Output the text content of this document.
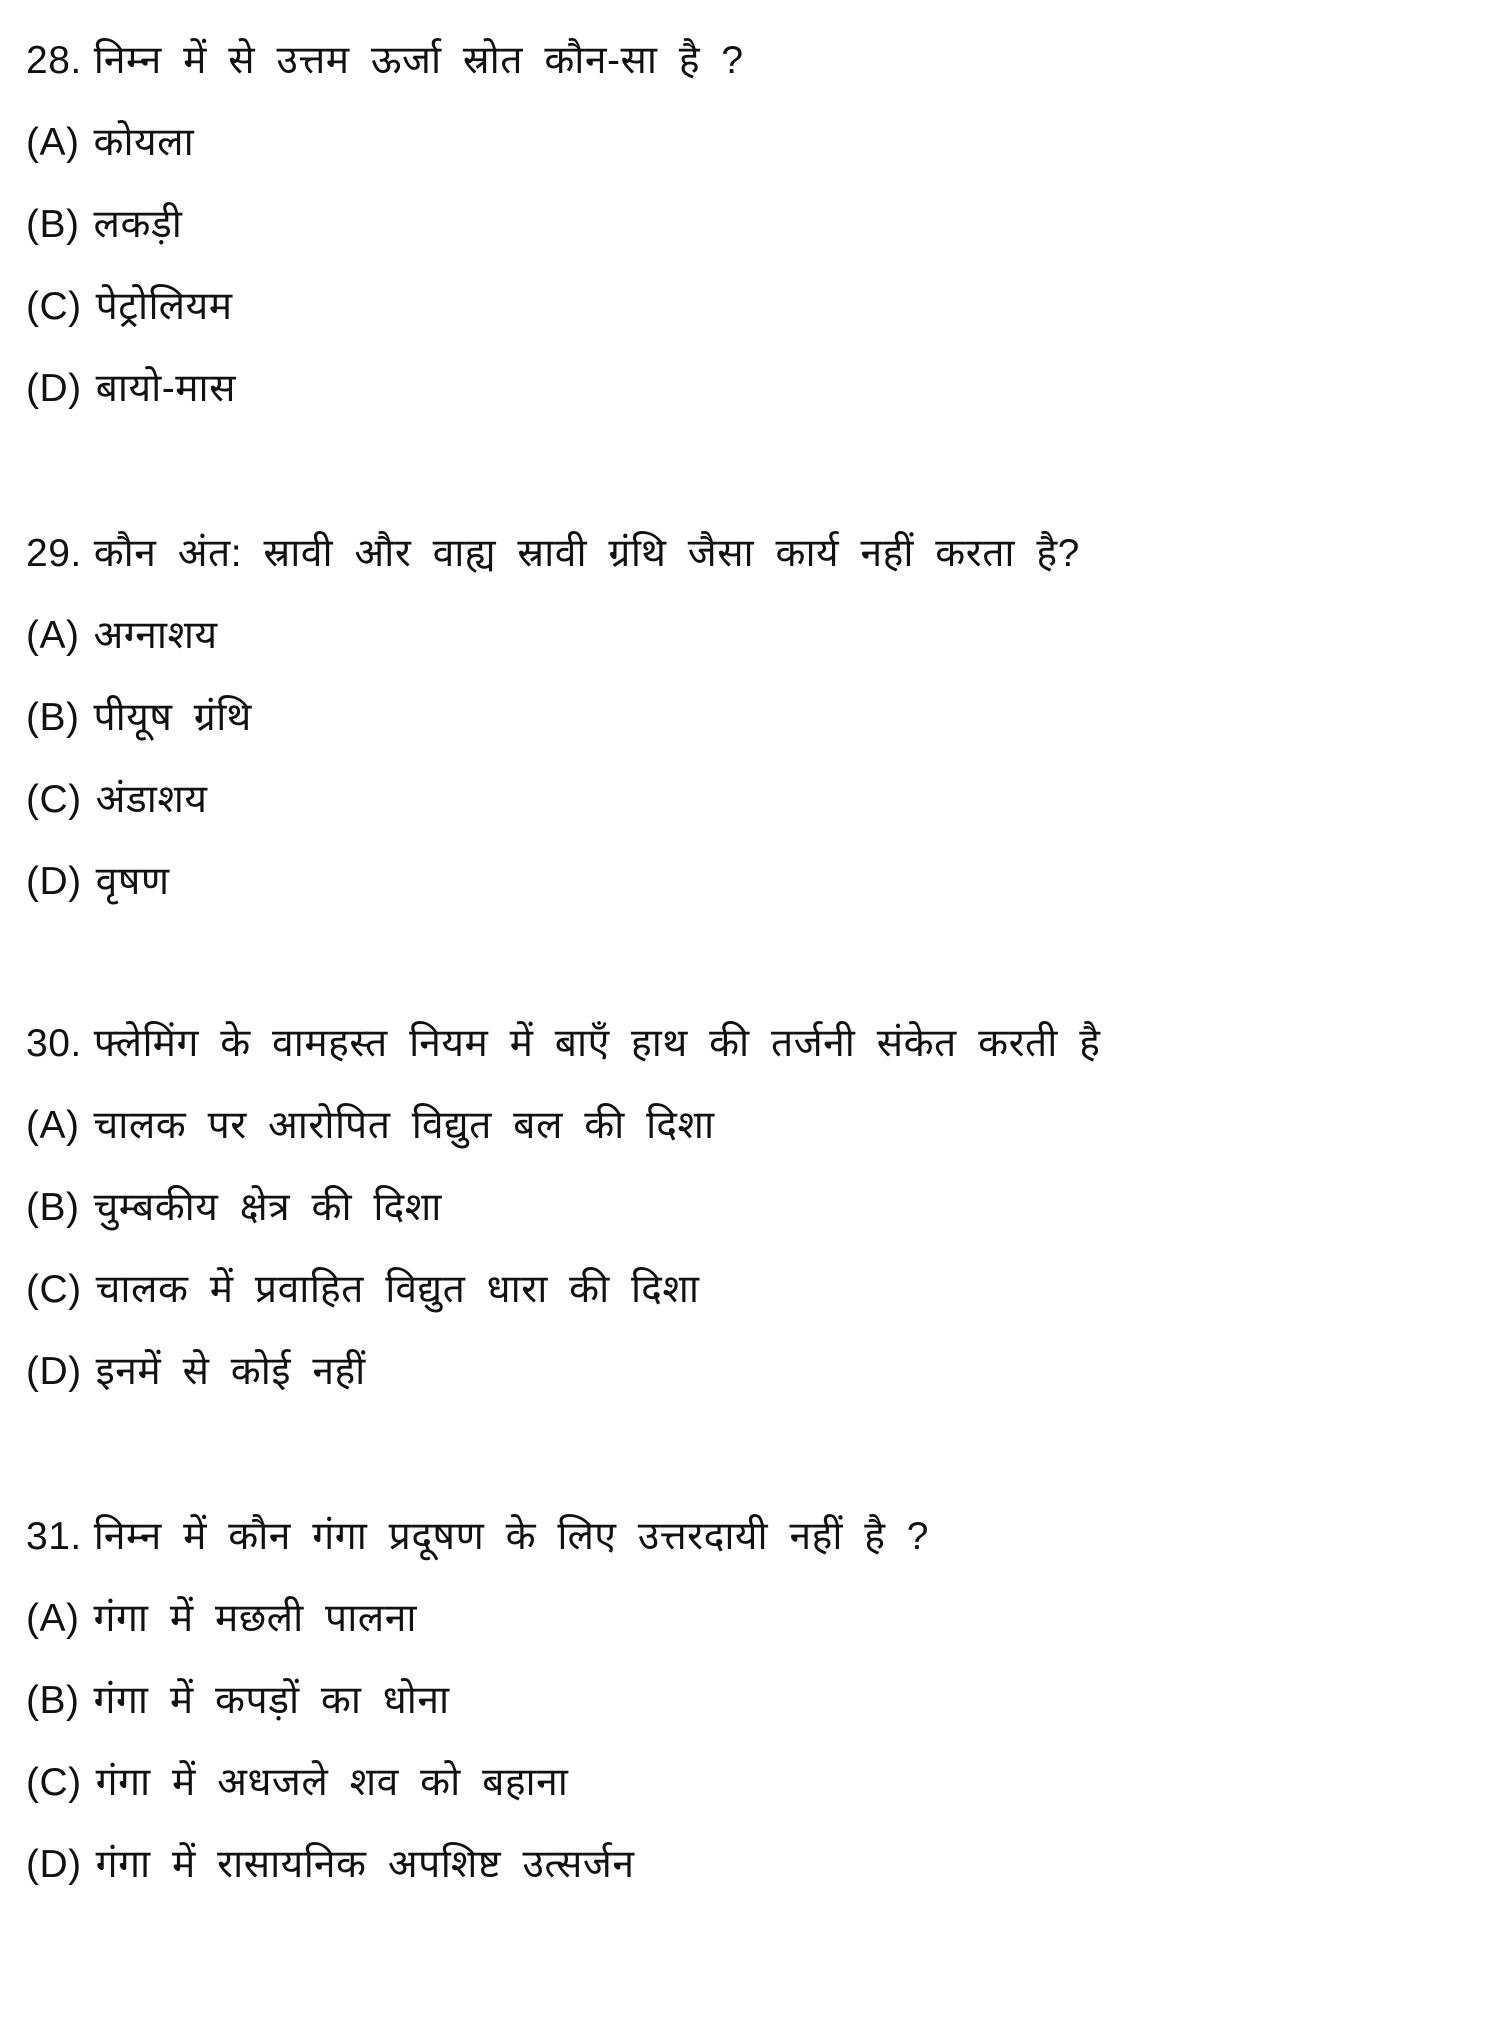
28. निम्न में से उत्तम ऊर्जा स्रोत कौन-सा है ?
(A) कोयला
(B) लकड़ी
(C) पेट्रोलियम
(D) बायो-मास
29. कौन अंत: स्रावी और वाह्य स्रावी ग्रंथि जैसा कार्य नहीं करता है?
(A) अग्नाशय
(B) पीयूष ग्रंथि
(C) अंडाशय
(D) वृषण
30. फ्लेमिंग के वामहस्त नियम में बाएँ हाथ की तर्जनी संकेत करती है
(A) चालक पर आरोपित विद्युत बल की दिशा
(B) चुम्बकीय क्षेत्र की दिशा
(C) चालक में प्रवाहित विद्युत धारा की दिशा
(D) इनमें से कोई नहीं
31. निम्न में कौन गंगा प्रदूषण के लिए उत्तरदायी नहीं है ?
(A) गंगा में मछली पालना
(B) गंगा में कपड़ों का धोना
(C) गंगा में अधजले शव को बहाना
(D) गंगा में रासायनिक अपशिष्ट उत्सर्जन
